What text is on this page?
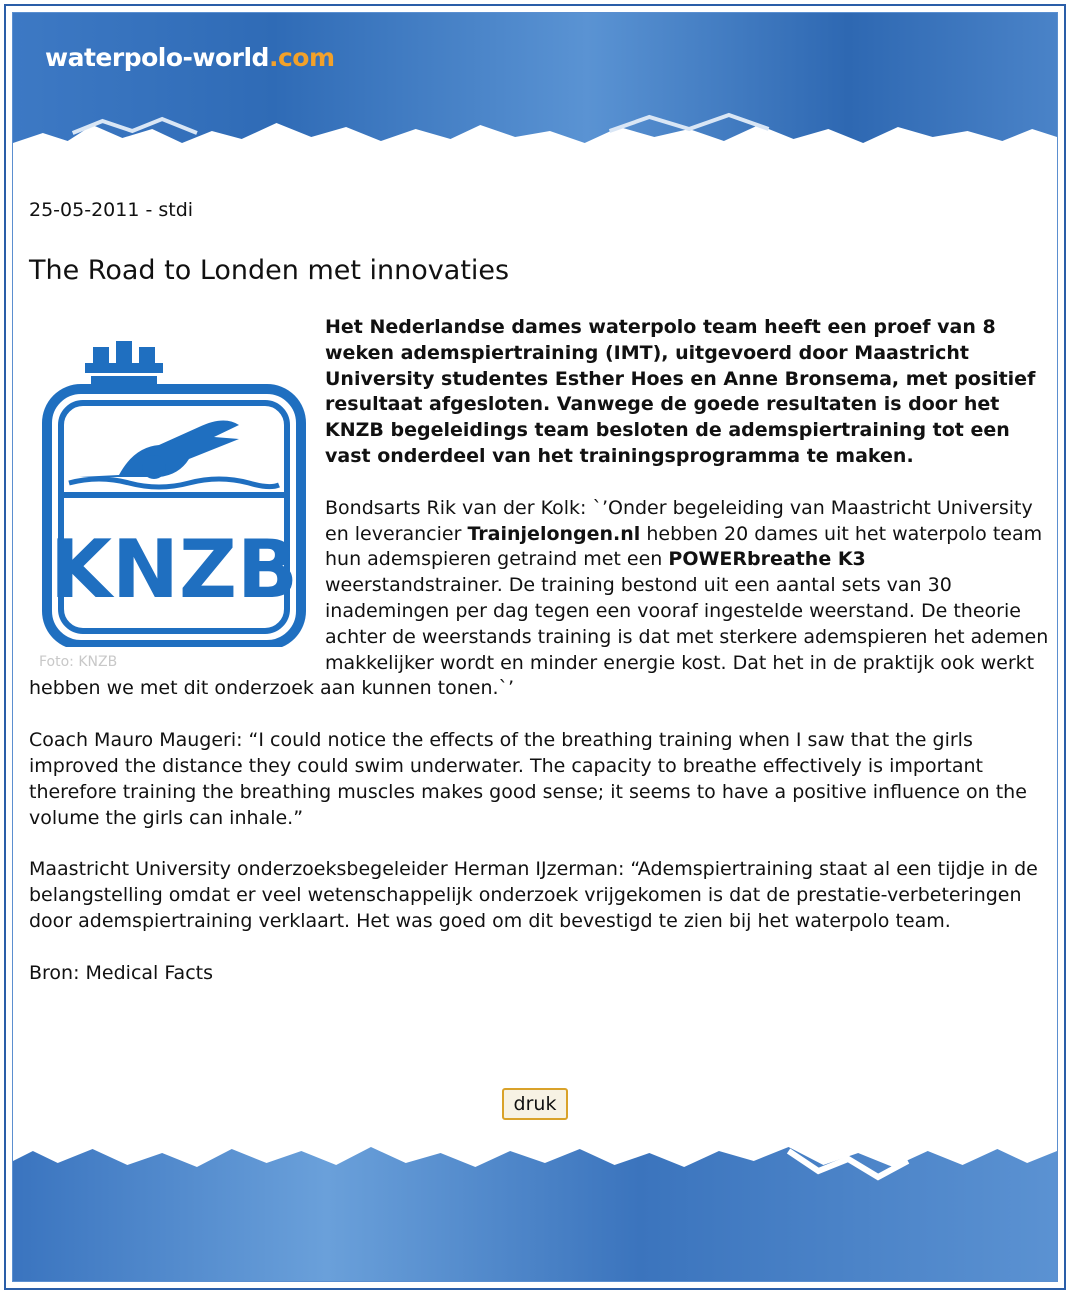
waterpolo-world.com
25-05-2011 - stdi
The Road to Londen met innovaties
KNZB
Foto: KNZB

Het Nederlandse dames waterpolo team heeft een proef van 8 weken ademspiertraining (IMT), uitgevoerd door Maastricht University studentes Esther Hoes en Anne Bronsema, met positief resultaat afgesloten. Vanwege de goede resultaten is door het KNZB begeleidings team besloten de ademspiertraining tot een vast onderdeel van het trainingsprogramma te maken.

Bondsarts Rik van der Kolk: `’Onder begeleiding van Maastricht University en leverancier Trainjelongen.nl hebben 20 dames uit het waterpolo team hun ademspieren getraind met een POWERbreathe K3 weerstandstrainer. De training bestond uit een aantal sets van 30 inademingen per dag tegen een vooraf ingestelde weerstand. De theorie achter de weerstands training is dat met sterkere ademspieren het ademen makkelijker wordt en minder energie kost. Dat het in de praktijk ook werkt hebben we met dit onderzoek aan kunnen tonen.`’

Coach Mauro Maugeri: “I could notice the effects of the breathing training when I saw that the girls improved the distance they could swim underwater. The capacity to breathe effectively is important therefore training the breathing muscles makes good sense; it seems to have a positive influence on the volume the girls can inhale.”

Maastricht University onderzoeksbegeleider Herman IJzerman: “Ademspiertraining staat al een tijdje in de belangstelling omdat er veel wetenschappelijk onderzoek vrijgekomen is dat de prestatie-verbeteringen door ademspiertraining verklaart. Het was goed om dit bevestigd te zien bij het waterpolo team.

Bron: Medical Facts

druk
